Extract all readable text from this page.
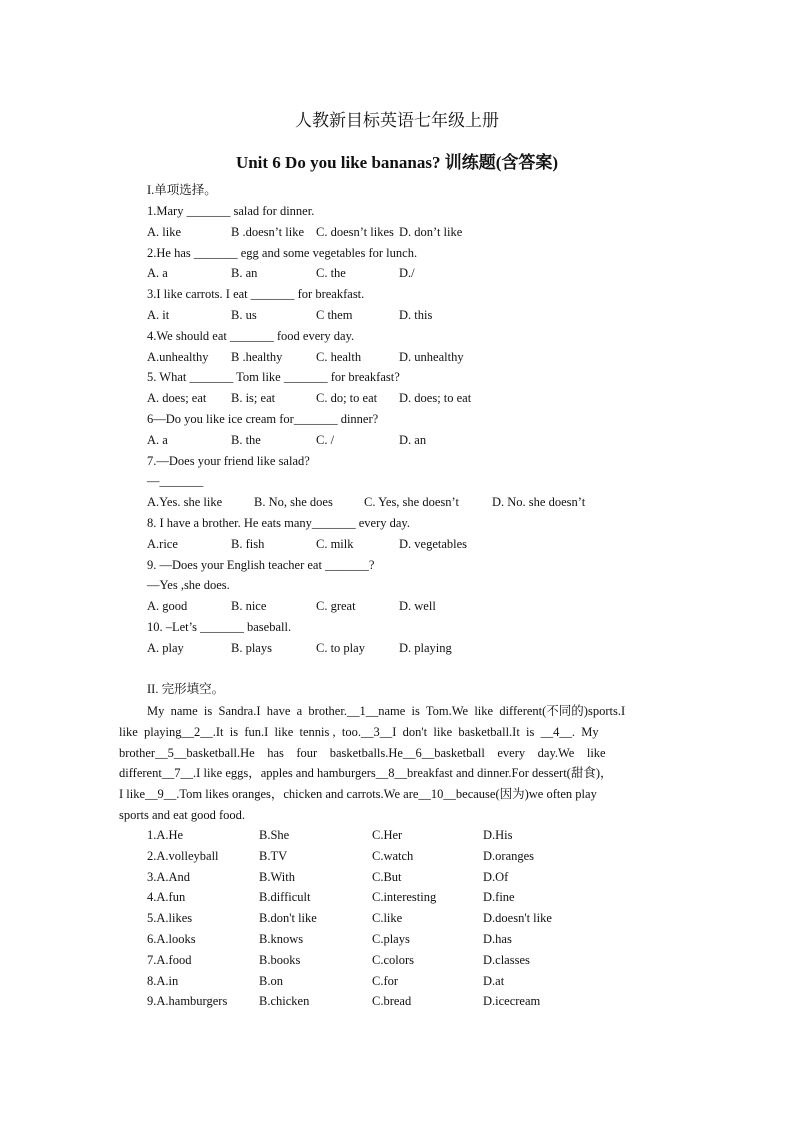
人教新目标英语七年级上册
Unit 6 Do you like bananas? 训练题(含答案)
I.单项选择。
1.Mary _______ salad for dinner.
A. like	B .doesn’t like C. doesn’t likes D. don’t like
2.He has _______ egg and some vegetables for lunch.
A. a	B. an	C. the	D./
3.I like carrots. I eat _______ for breakfast.
A. it	B. us	C them	D. this
4.We should eat _______ food every day.
A.unhealthy B .healthy	C. health	D. unhealthy
5. What _______ Tom like _______ for breakfast?
A. does; eat B. is; eat	C. do; to eat D. does; to eat
6—Do you like ice cream for_______ dinner?
A. a	B. the	C. /	D. an
7.—Does your friend like salad?
—_______
A.Yes. she like	B. No, she does C. Yes, she doesn’t	D. No. she doesn’t
8. I have a brother. He eats many_______ every day.
A.rice	B. fish	C. milk	D. vegetables
9. —Does your English teacher eat _______?
—Yes ,she does.
A. good	B. nice	C. great	D. well
10. –Let’s _______ baseball.
A. play	B. plays	C. to play	D. playing
II. 完形填空。
My  name  is  Sandra.I  have  a  brother.__1__name  is  Tom.We  like  different(不同的)sports.I
like  playing__2__.It  is  fun.I  like  tennis ,  too.__3__I  don't  like  basketball.It  is  __4__.  My
brother__5__basketball.He    has    four    basketballs.He__6__basketball    every    day.We    like
different__7__.I like eggs，apples and hamburgers__8__breakfast and dinner.For dessert(甜食)，
I like__9__.Tom likes oranges，chicken and carrots.We are__10__because(因为)we often play
sports and eat good food.
1.A.He	B.She	C.Her	D.His
2.A.volleyball	B.TV	C.watch	D.oranges
3.A.And	B.With	C.But	D.Of
4.A.fun	B.difficult	C.interesting	D.fine
5.A.likes	B.don't like	C.like	D.doesn't like
6.A.looks	B.knows	C.plays	D.has
7.A.food	B.books	C.colors	D.classes
8.A.in	B.on	C.for	D.at
9.A.hamburgers	B.chicken	C.bread	D.icecream
